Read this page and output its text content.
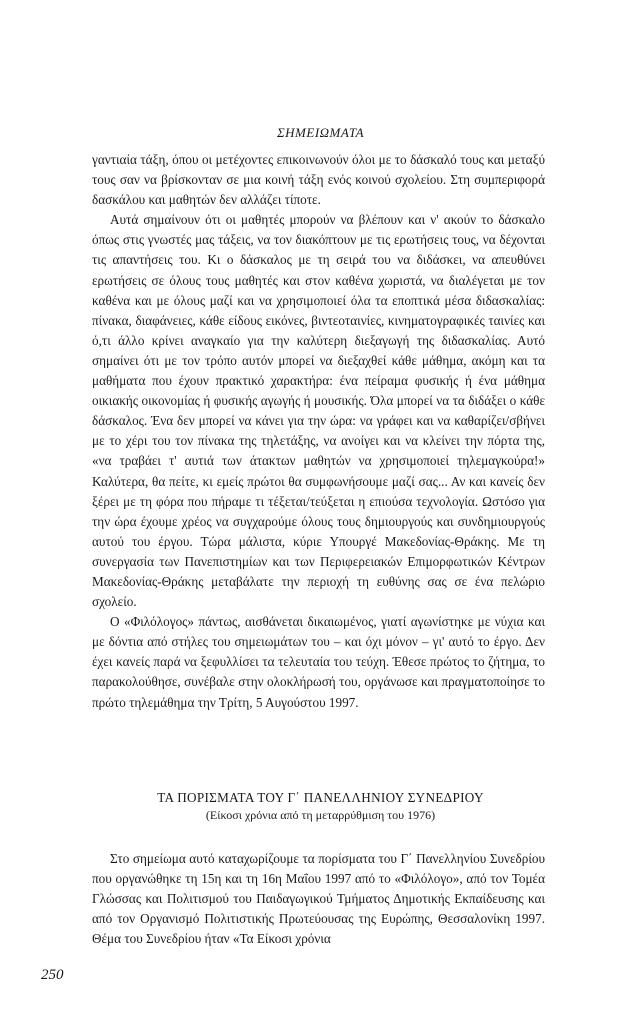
ΣΗΜΕΙΩΜΑΤΑ

γαντιαία τάξη, όπου οι μετέχοντες επικοινωνούν όλοι με το δάσκαλό τους και μεταξύ τους σαν να βρίσκονταν σε μια κοινή τάξη ενός κοινού σχολείου. Στη συμπεριφορά δασκάλου και μαθητών δεν αλλάζει τίποτε.

Αυτά σημαίνουν ότι οι μαθητές μπορούν να βλέπουν και ν' ακούν το δάσκαλο όπως στις γνωστές μας τάξεις, να τον διακόπτουν με τις ερωτήσεις τους, να δέχονται τις απαντήσεις του. Κι ο δάσκαλος με τη σειρά του να διδάσκει, να απευθύνει ερωτήσεις σε όλους τους μαθητές και στον καθένα χωριστά, να διαλέγεται με τον καθένα και με όλους μαζί και να χρησιμοποιεί όλα τα εποπτικά μέσα διδασκαλίας: πίνακα, διαφάνειες, κάθε είδους εικόνες, βιντεοταινίες, κινηματογραφικές ταινίες και ό,τι άλλο κρίνει αναγκαίο για την καλύτερη διεξαγωγή της διδασκαλίας. Αυτό σημαίνει ότι με τον τρόπο αυτόν μπορεί να διεξαχθεί κάθε μάθημα, ακόμη και τα μαθήματα που έχουν πρακτικό χαρακτήρα: ένα πείραμα φυσικής ή ένα μάθημα οικιακής οικονομίας ή φυσικής αγωγής ή μουσικής. Όλα μπορεί να τα διδάξει ο κάθε δάσκαλος. Ένα δεν μπορεί να κάνει για την ώρα: να γράφει και να καθαρίζει/σβήνει με το χέρι του τον πίνακα της τηλετάξης, να ανοίγει και να κλείνει την πόρτα της, «να τραβάει τ' αυτιά των άτακτων μαθητών να χρησιμοποιεί τηλεμαγκούρα!» Καλύτερα, θα πείτε, κι εμείς πρώτοι θα συμφωνήσουμε μαζί σας... Αν και κανείς δεν ξέρει με τη φόρα που πήραμε τι τέξεται/τεύξεται η επιούσα τεχνολογία. Ωστόσο για την ώρα έχουμε χρέος να συγχαρούμε όλους τους δημιουργούς και συνδημιουργούς αυτού του έργου. Τώρα μάλιστα, κύριε Υπουργέ Μακεδονίας-Θράκης. Με τη συνεργασία των Πανεπιστημίων και των Περιφερειακών Επιμορφωτικών Κέντρων Μακεδονίας-Θράκης μεταβάλατε την περιοχή τη ευθύνης σας σε ένα πελώριο σχολείο.

Ο «Φιλόλογος» πάντως, αισθάνεται δικαιωμένος, γιατί αγωνίστηκε με νύχια και με δόντια από στήλες του σημειωμάτων του – και όχι μόνον – γι' αυτό το έργο. Δεν έχει κανείς παρά να ξεφυλλίσει τα τελευταία του τεύχη. Έθεσε πρώτος το ζήτημα, το παρακολούθησε, συνέβαλε στην ολοκλήρωσή του, οργάνωσε και πραγματοποίησε το πρώτο τηλεμάθημα την Τρίτη, 5 Αυγούστου 1997.

ΤΑ ΠΟΡΙΣΜΑΤΑ ΤΟΥ Γ΄ ΠΑΝΕΛΛΗΝΙΟΥ ΣΥΝΕΔΡΙΟΥ
(Είκοσι χρόνια από τη μεταρρύθμιση του 1976)

Στο σημείωμα αυτό καταχωρίζουμε τα πορίσματα του Γ΄ Πανελληνίου Συνεδρίου που οργανώθηκε τη 15η και τη 16η Μαΐου 1997 από το «Φιλόλογο», από τον Τομέα Γλώσσας και Πολιτισμού του Παιδαγωγικού Τμήματος Δημοτικής Εκπαίδευσης και από τον Οργανισμό Πολιτιστικής Πρωτεύουσας της Ευρώπης, Θεσσαλονίκη 1997. Θέμα του Συνεδρίου ήταν «Τα Είκοσι χρόνια

250
